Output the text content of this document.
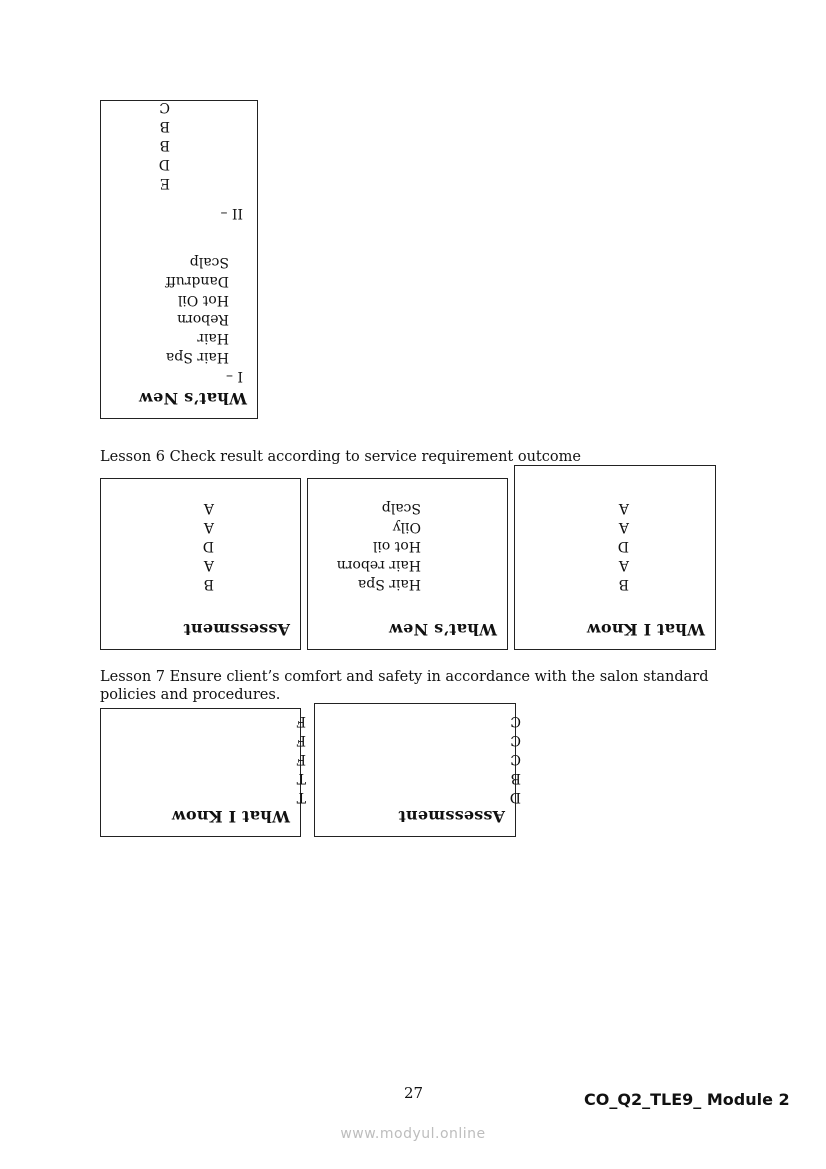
What’s New
I –
Hair Spa
Hair
Reborn
Hot Oil
Dandruff
Scalp
II –
E
D
B
B
C
Lesson 6 Check result according to service requirement outcome
Assessment
B
A
D
A
A
What’s New
Hair Spa
Hair reborn
Hot oil
Oily
Scalp
What I Know
B
A
D
A
A
Lesson 7 Ensure client’s comfort and safety in accordance with the salon standard
policies and procedures.
What I Know
T
T
F
F
F
Assessment
D
B
C
C
C
27	CO_Q2_TLE9_ Module 2
www.modyul.online
